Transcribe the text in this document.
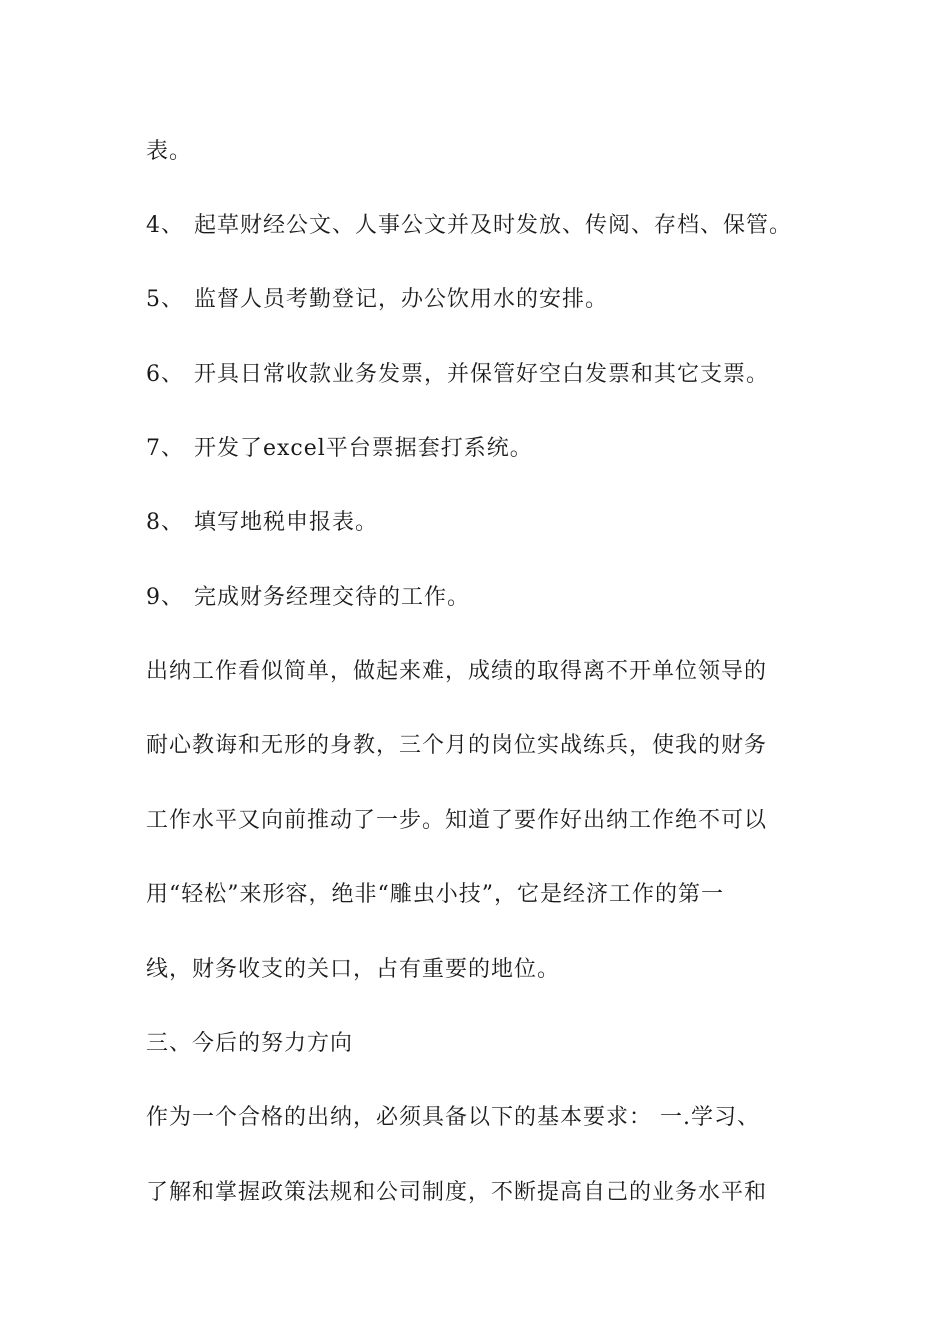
表。
4、 起草财经公文、人事公文并及时发放、传阅、存档、保管。
5、 监督人员考勤登记，办公饮用水的安排。
6、 开具日常收款业务发票，并保管好空白发票和其它支票。
7、 开发了excel平台票据套打系统。
8、 填写地税申报表。
9、 完成财务经理交待的工作。
出纳工作看似简单，做起来难，成绩的取得离不开单位领导的
耐心教诲和无形的身教，三个月的岗位实战练兵，使我的财务
工作水平又向前推动了一步。知道了要作好出纳工作绝不可以
用“轻松”来形容，绝非“雕虫小技”，它是经济工作的第一
线，财务收支的关口，占有重要的地位。
三、今后的努力方向
作为一个合格的出纳，必须具备以下的基本要求： 一.学习、
了解和掌握政策法规和公司制度，不断提高自己的业务水平和
